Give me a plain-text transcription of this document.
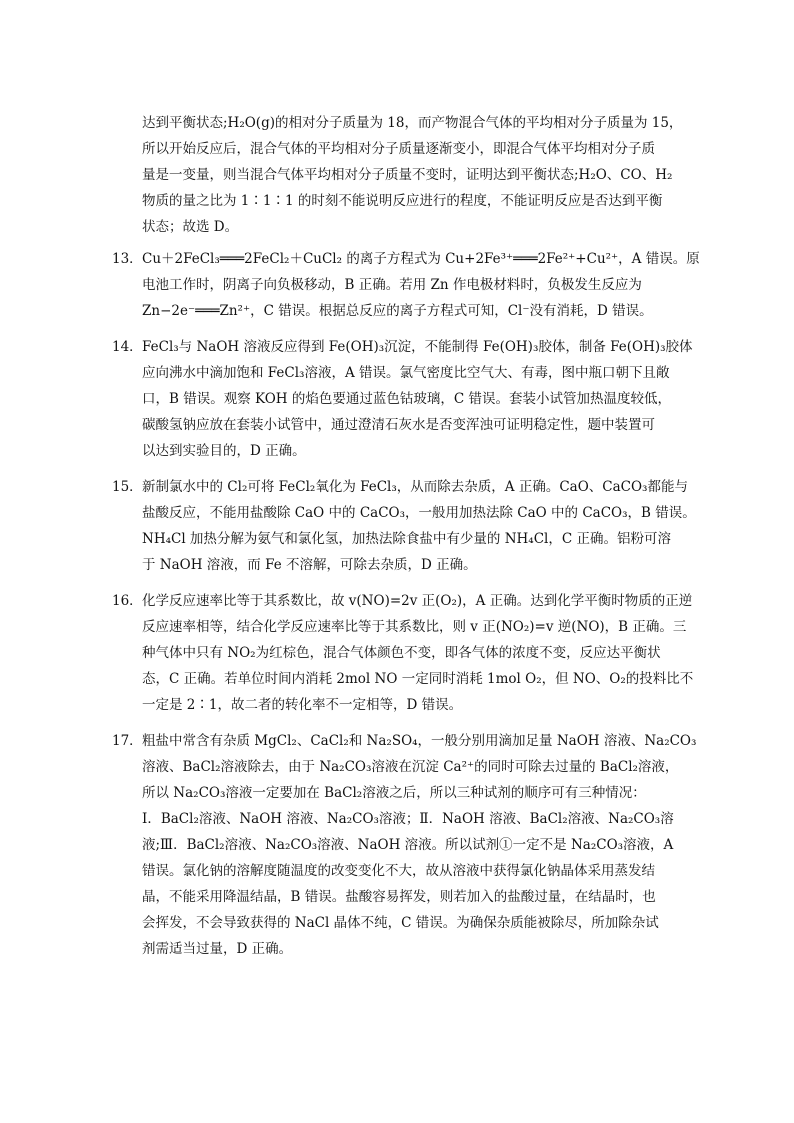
达到平衡状态;H₂O(g)的相对分子质量为 18，而产物混合气体的平均相对分子质量为 15，
所以开始反应后，混合气体的平均相对分子质量逐渐变小，即混合气体平均相对分子质
量是一变量，则当混合气体平均相对分子质量不变时，证明达到平衡状态;H₂O、CO、H₂
物质的量之比为 1∶1∶1 的时刻不能说明反应进行的程度，不能证明反应是否达到平衡
状态；故选 D。
13． Cu＋2FeCl₃═══2FeCl₂＋CuCl₂ 的离子方程式为 Cu+2Fe³⁺═══2Fe²⁺+Cu²⁺，A 错误。原
电池工作时，阴离子向负极移动，B 正确。若用 Zn 作电极材料时，负极发生反应为
Zn−2e⁻═══Zn²⁺，C 错误。根据总反应的离子方程式可知，Cl⁻没有消耗，D 错误。
14． FeCl₃与 NaOH 溶液反应得到 Fe(OH)₃沉淀，不能制得 Fe(OH)₃胶体，制备 Fe(OH)₃胶体
应向沸水中滴加饱和 FeCl₃溶液，A 错误。氯气密度比空气大、有毒，图中瓶口朝下且敞
口，B 错误。观察 KOH 的焰色要通过蓝色钴玻璃，C 错误。套装小试管加热温度较低，
碳酸氢钠应放在套装小试管中，通过澄清石灰水是否变浑浊可证明稳定性，题中装置可
以达到实验目的，D 正确。
15． 新制氯水中的 Cl₂可将 FeCl₂氧化为 FeCl₃，从而除去杂质，A 正确。CaO、CaCO₃都能与
盐酸反应，不能用盐酸除 CaO 中的 CaCO₃，一般用加热法除 CaO 中的 CaCO₃，B 错误。
NH₄Cl 加热分解为氨气和氯化氢，加热法除食盐中有少量的 NH₄Cl，C 正确。铝粉可溶
于 NaOH 溶液，而 Fe 不溶解，可除去杂质，D 正确。
16． 化学反应速率比等于其系数比，故 v(NO)=2v 正(O₂)，A 正确。达到化学平衡时物质的正逆
反应速率相等，结合化学反应速率比等于其系数比，则 v 正(NO₂)=v 逆(NO)，B 正确。三
种气体中只有 NO₂为红棕色，混合气体颜色不变，即各气体的浓度不变，反应达平衡状
态，C 正确。若单位时间内消耗 2mol NO 一定同时消耗 1mol O₂，但 NO、O₂的投料比不
一定是 2∶1，故二者的转化率不一定相等，D 错误。
17． 粗盐中常含有杂质 MgCl₂、CaCl₂和 Na₂SO₄，一般分别用滴加足量 NaOH 溶液、Na₂CO₃
溶液、BaCl₂溶液除去，由于 Na₂CO₃溶液在沉淀 Ca²⁺的同时可除去过量的 BaCl₂溶液，
所以 Na₂CO₃溶液一定要加在 BaCl₂溶液之后，所以三种试剂的顺序可有三种情况：
Ⅰ．BaCl₂溶液、NaOH 溶液、Na₂CO₃溶液；Ⅱ．NaOH 溶液、BaCl₂溶液、Na₂CO₃溶
液;Ⅲ．BaCl₂溶液、Na₂CO₃溶液、NaOH 溶液。所以试剂①一定不是 Na₂CO₃溶液，A
错误。氯化钠的溶解度随温度的改变变化不大，故从溶液中获得氯化钠晶体采用蒸发结
晶，不能采用降温结晶，B 错误。盐酸容易挥发，则若加入的盐酸过量，在结晶时，也
会挥发，不会导致获得的 NaCl 晶体不纯，C 错误。为确保杂质能被除尽，所加除杂试
剂需适当过量，D 正确。
